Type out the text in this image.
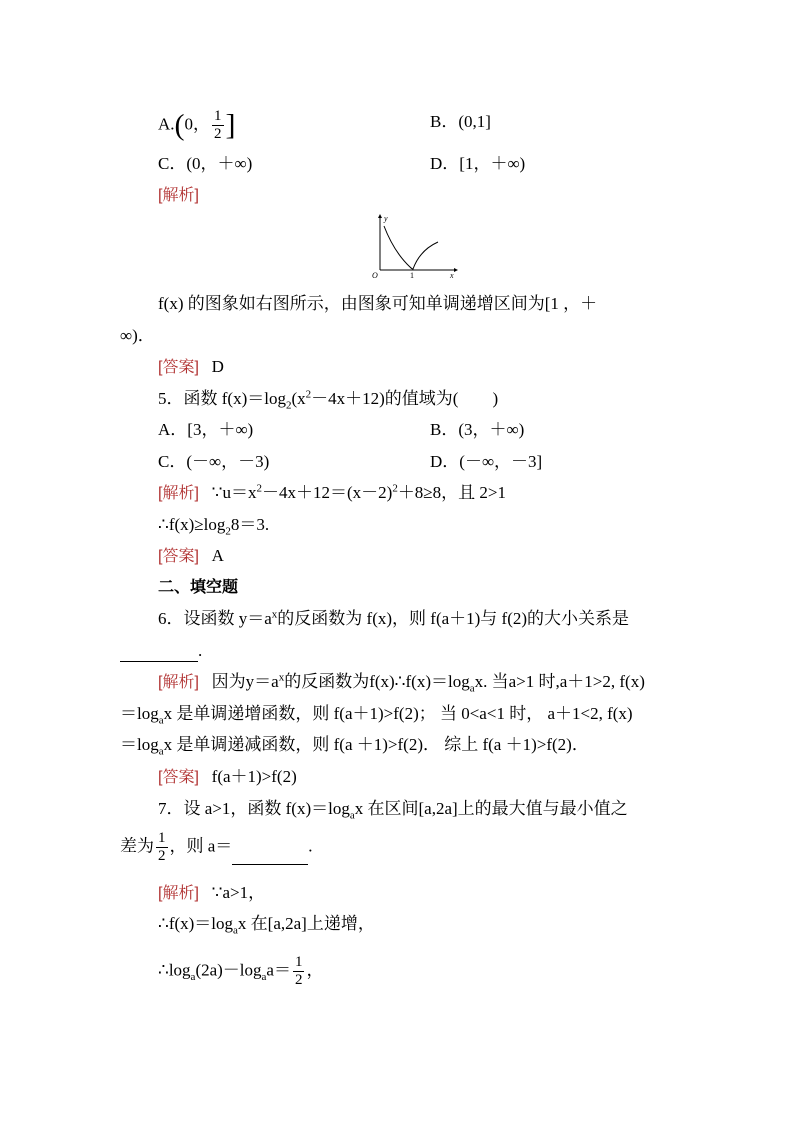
A.(0， $\frac{1}{2}$ ]	B．(0,1]
C．(0，＋∞)	D．[1，＋∞)
[解析]
y
x
O	1
f(x) 的图象如右图所示，由图象可知单调递增区间为[1 ，＋
∞)．
[答案] D
5．函数 $f(x)=\log_2(x^2-4x+12)$的值域为(　　)
A．[3，＋∞)	B．(3，＋∞)
C．(－∞，－3)	D．(－∞，－3]
[解析] $\because u=x^2-4x+12=(x-2)^2+8\ge 8$，且 2>1
$\therefore f(x)\ge\log_28=3$.
[答案] A
二、填空题
6．设函数 $y=a^x$的反函数为 f(x)，则 f(a＋1)与 f(2)的大小关系是
.
[解析] 因为$y=a^x$的反函数为$f(x)\therefore f(x)=\log_ax$. 当a>1 时,a＋1>2, f(x)
$=\log_ax$ 是单调递增函数，则 f(a＋1)>f(2)； 当 0<a<1 时， a＋1<2, f(x)
$=\log_ax$ 是单调递减函数，则 f(a ＋1)>f(2)． 综上 f(a ＋1)>f(2)．
[答案] f(a＋1)>f(2)
7．设 a>1，函数 $f(x)=\log_ax$ 在区间[a,2a]上的最大值与最小值之
差为 $\frac{1}{2}$ ，则 a＝	.
[解析] ∵a>1，
$\therefore f(x)=\log_ax$ 在[a,2a]上递增，
$\therefore\log_a(2a)-\log_aa= \frac{1}{2}$ ，
